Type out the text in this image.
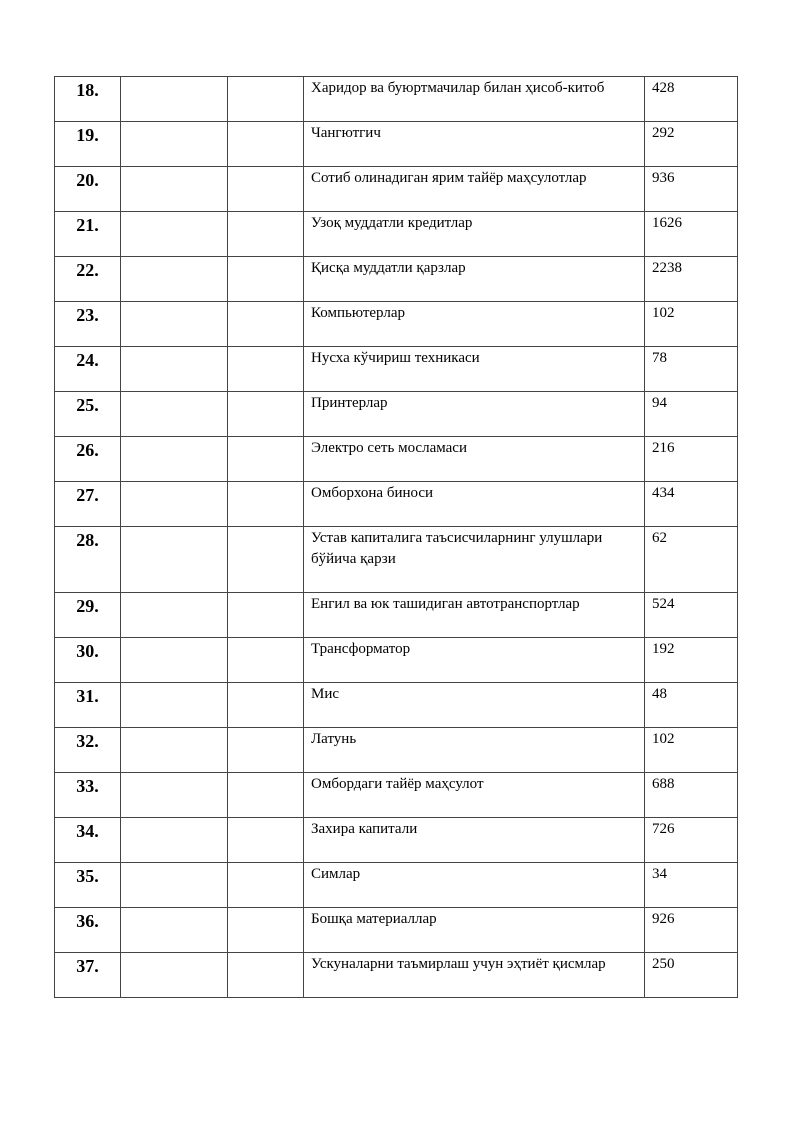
18.			Харидор ва буюртмачилар билан ҳисоб-китоб	428
19.			Чангютгич	292
20.			Сотиб олинадиган ярим тайёр маҳсулотлар	936
21.			Узоқ муддатли кредитлар	1626
22.			Қисқа муддатли қарзлар	2238
23.			Компьютерлар	102
24.			Нусха кўчириш техникаси	78
25.			Принтерлар	94
26.			Электро сеть мосламаси	216
27.			Омборхона биноси	434
28.			Устав капиталига таъсисчиларнинг улушлари бўйича қарзи	62
29.			Енгил ва юк ташидиган автотранспортлар	524
30.			Трансформатор	192
31.			Мис	48
32.			Латунь	102
33.			Омбордаги тайёр маҳсулот	688
34.			Захира капитали	726
35.			Симлар	34
36.			Бошқа материаллар	926
37.			Ускуналарни таъмирлаш учун эҳтиёт қисмлар	250
